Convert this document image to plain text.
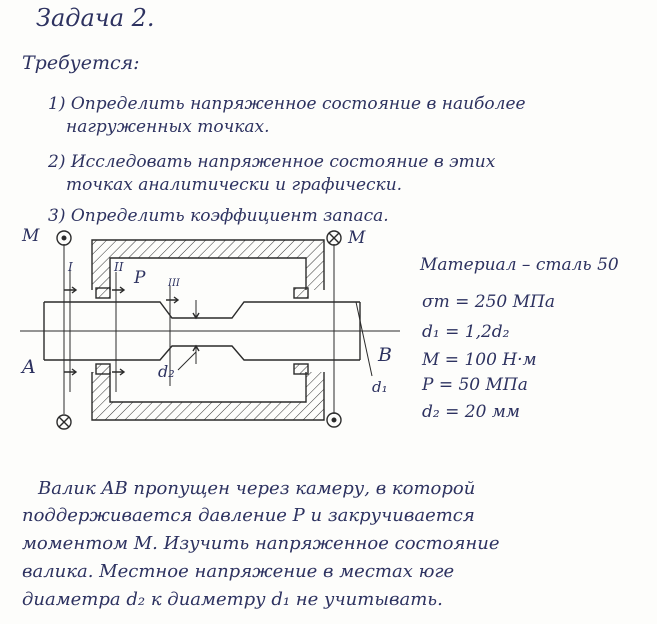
Задача 2.
Требуется:
1) Определить напряженное состояние в наиболее
нагруженных точках.
2) Исследовать напряженное состояние в этих
точках аналитически и графически.
3) Определить коэффициент запаса.
M	M
A
B
I	II
III
P
d₂
d₁
Материал – сталь 50
σт = 250 МПа
d₁ = 1,2d₂
M = 100 Н·м
P = 50 МПа
d₂ = 20 мм
Валик AB пропущен через камеру, в которой
поддерживается давление P и закручивается
моментом M. Изучить напряженное состояние
валика. Местное напряжение в местах юге
диаметра d₂ к диаметру d₁ не учитывать.
